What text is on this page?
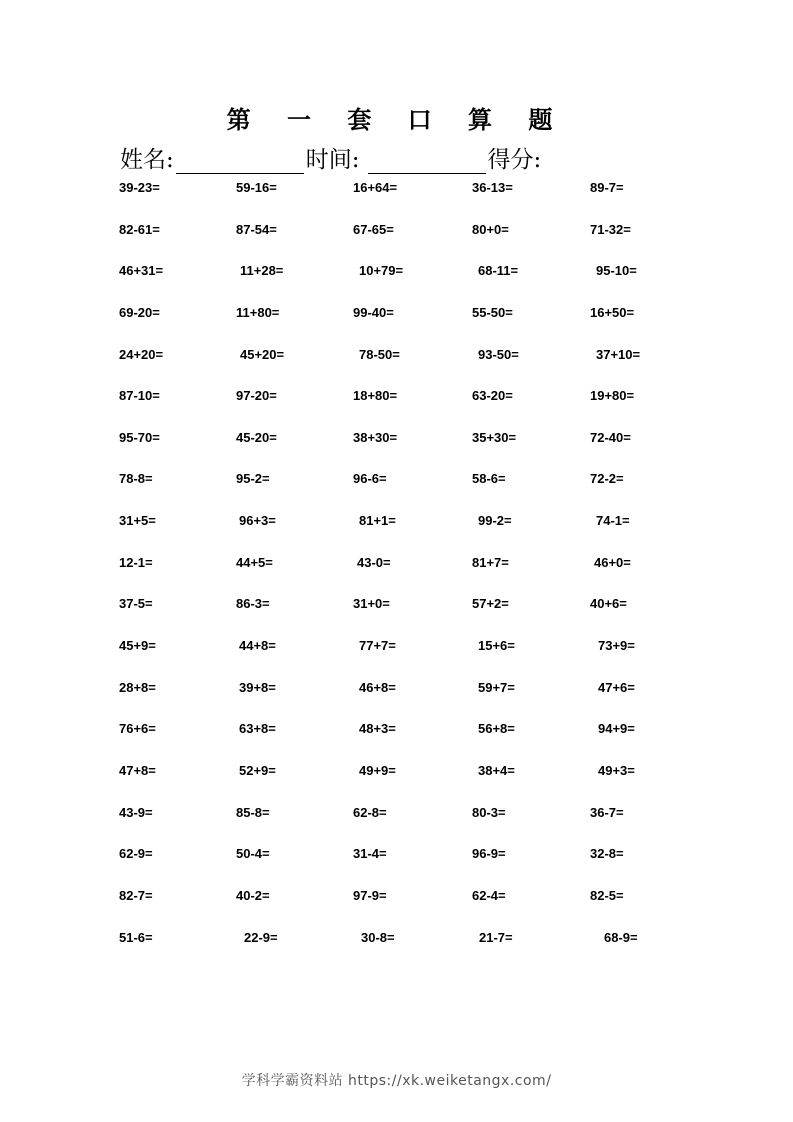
第 一 套 口 算 题
姓名:	时间:	得分:
39-23=	59-16=	16+64=	36-13=	89-7=
82-61=	87-54=	67-65=	80+0=	71-32=
46+31=	11+28=	10+79=	68-11=	95-10=
69-20=	11+80=	99-40=	55-50=	16+50=
24+20=	45+20=	78-50=	93-50=	37+10=
87-10=	97-20=	18+80=	63-20=	19+80=
95-70=	45-20=	38+30=	35+30=	72-40=
78-8=	95-2=	96-6=	58-6=	72-2=
31+5=	96+3=	81+1=	99-2=	74-1=
12-1=	44+5=	43-0=	81+7=	46+0=
37-5=	86-3=	31+0=	57+2=	40+6=
45+9=	44+8=	77+7=	15+6=	73+9=
28+8=	39+8=	46+8=	59+7=	47+6=
76+6=	63+8=	48+3=	56+8=	94+9=
47+8=	52+9=	49+9=	38+4=	49+3=
43-9=	85-8=	62-8=	80-3=	36-7=
62-9=	50-4=	31-4=	96-9=	32-8=
82-7=	40-2=	97-9=	62-4=	82-5=
51-6=	22-9=	30-8=	21-7=	68-9=
学科学霸资料站 https://xk.weiketangx.com/
